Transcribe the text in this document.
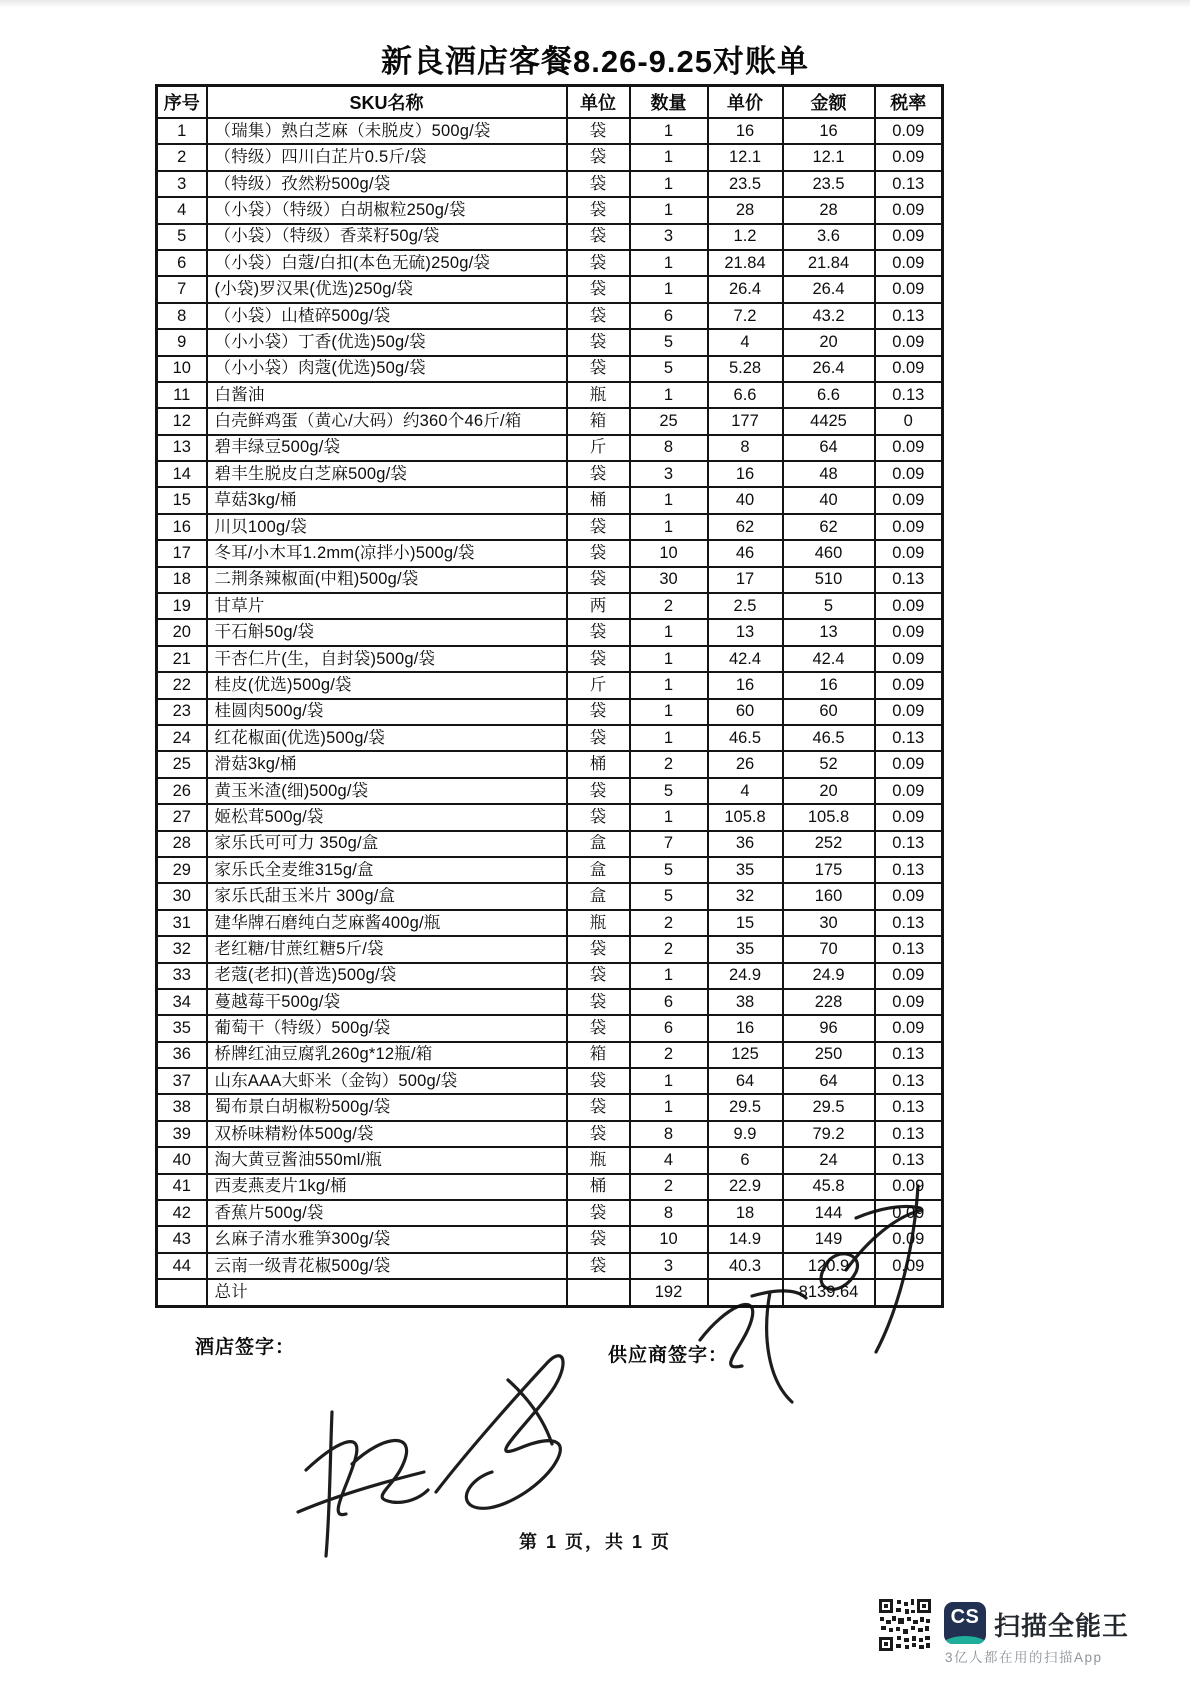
新良酒店客餐8.26-9.25对账单
序号	SKU名称	单位	数量	单价	金额	税率
1	（瑞集）熟白芝麻（未脱皮）500g/袋	袋	1	16	16	0.09
2	（特级）四川白芷片0.5斤/袋	袋	1	12.1	12.1	0.09
3	（特级）孜然粉500g/袋	袋	1	23.5	23.5	0.13
4	（小袋）（特级）白胡椒粒250g/袋	袋	1	28	28	0.09
5	（小袋）（特级）香菜籽50g/袋	袋	3	1.2	3.6	0.09
6	（小袋）白蔻/白扣(本色无硫)250g/袋	袋	1	21.84	21.84	0.09
7	(小袋)罗汉果(优选)250g/袋	袋	1	26.4	26.4	0.09
8	（小袋）山楂碎500g/袋	袋	6	7.2	43.2	0.13
9	（小小袋）丁香(优选)50g/袋	袋	5	4	20	0.09
10	（小小袋）肉蔻(优选)50g/袋	袋	5	5.28	26.4	0.09
11	白酱油	瓶	1	6.6	6.6	0.13
12	白壳鲜鸡蛋（黄心/大码）约360个46斤/箱	箱	25	177	4425	0
13	碧丰绿豆500g/袋	斤	8	8	64	0.09
14	碧丰生脱皮白芝麻500g/袋	袋	3	16	48	0.09
15	草菇3kg/桶	桶	1	40	40	0.09
16	川贝100g/袋	袋	1	62	62	0.09
17	冬耳/小木耳1.2mm(凉拌小)500g/袋	袋	10	46	460	0.09
18	二荆条辣椒面(中粗)500g/袋	袋	30	17	510	0.13
19	甘草片	两	2	2.5	5	0.09
20	干石斛50g/袋	袋	1	13	13	0.09
21	干杏仁片(生，自封袋)500g/袋	袋	1	42.4	42.4	0.09
22	桂皮(优选)500g/袋	斤	1	16	16	0.09
23	桂圆肉500g/袋	袋	1	60	60	0.09
24	红花椒面(优选)500g/袋	袋	1	46.5	46.5	0.13
25	滑菇3kg/桶	桶	2	26	52	0.09
26	黄玉米渣(细)500g/袋	袋	5	4	20	0.09
27	姬松茸500g/袋	袋	1	105.8	105.8	0.09
28	家乐氏可可力 350g/盒	盒	7	36	252	0.13
29	家乐氏全麦维315g/盒	盒	5	35	175	0.13
30	家乐氏甜玉米片 300g/盒	盒	5	32	160	0.09
31	建华牌石磨纯白芝麻酱400g/瓶	瓶	2	15	30	0.13
32	老红糖/甘蔗红糖5斤/袋	袋	2	35	70	0.13
33	老蔻(老扣)(普选)500g/袋	袋	1	24.9	24.9	0.09
34	蔓越莓干500g/袋	袋	6	38	228	0.09
35	葡萄干（特级）500g/袋	袋	6	16	96	0.09
36	桥牌红油豆腐乳260g*12瓶/箱	箱	2	125	250	0.13
37	山东AAA大虾米（金钩）500g/袋	袋	1	64	64	0.13
38	蜀布景白胡椒粉500g/袋	袋	1	29.5	29.5	0.13
39	双桥味精粉体500g/袋	袋	8	9.9	79.2	0.13
40	淘大黄豆酱油550ml/瓶	瓶	4	6	24	0.13
41	西麦燕麦片1kg/桶	桶	2	22.9	45.8	0.09
42	香蕉片500g/袋	袋	8	18	144	0.09
43	幺麻子清水雅笋300g/袋	袋	10	14.9	149	0.09
44	云南一级青花椒500g/袋	袋	3	40.3	120.9	0.09
	总计		192		8139.64	
酒店签字：	供应商签字：
第 1 页，共 1 页
CS 扫描全能王
3亿人都在用的扫描App
